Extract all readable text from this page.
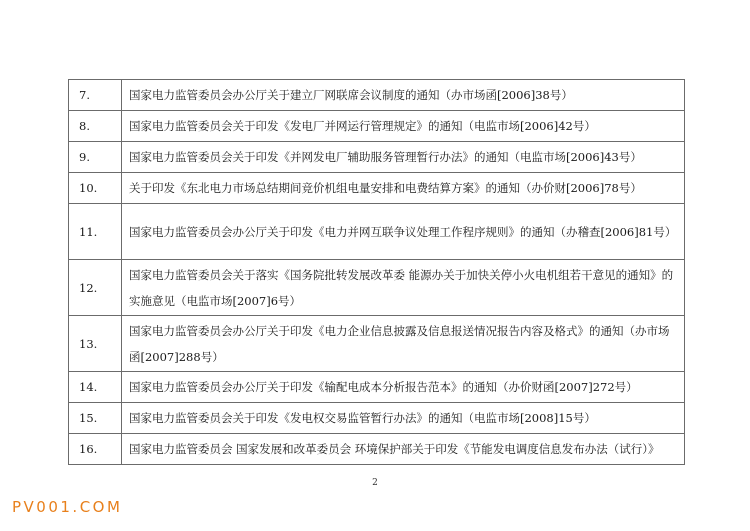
7.	国家电力监管委员会办公厅关于建立厂网联席会议制度的通知（办市场函[2006]38号）
8.	国家电力监管委员会关于印发《发电厂并网运行管理规定》的通知（电监市场[2006]42号）
9.	国家电力监管委员会关于印发《并网发电厂辅助服务管理暂行办法》的通知（电监市场[2006]43号）
10.	关于印发《东北电力市场总结期间竞价机组电量安排和电费结算方案》的通知（办价财[2006]78号）
11.	国家电力监管委员会办公厅关于印发《电力并网互联争议处理工作程序规则》的通知（办稽查[2006]81号）
12.	国家电力监管委员会关于落实《国务院批转发展改革委 能源办关于加快关停小火电机组若干意见的通知》的实施意见（电监市场[2007]6号）
13.	国家电力监管委员会办公厅关于印发《电力企业信息披露及信息报送情况报告内容及格式》的通知（办市场函[2007]288号）
14.	国家电力监管委员会办公厅关于印发《输配电成本分析报告范本》的通知（办价财函[2007]272号）
15.	国家电力监管委员会关于印发《发电权交易监管暂行办法》的通知（电监市场[2008]15号）
16.	国家电力监管委员会 国家发展和改革委员会 环境保护部关于印发《节能发电调度信息发布办法（试行）》
2
PV001.COM
